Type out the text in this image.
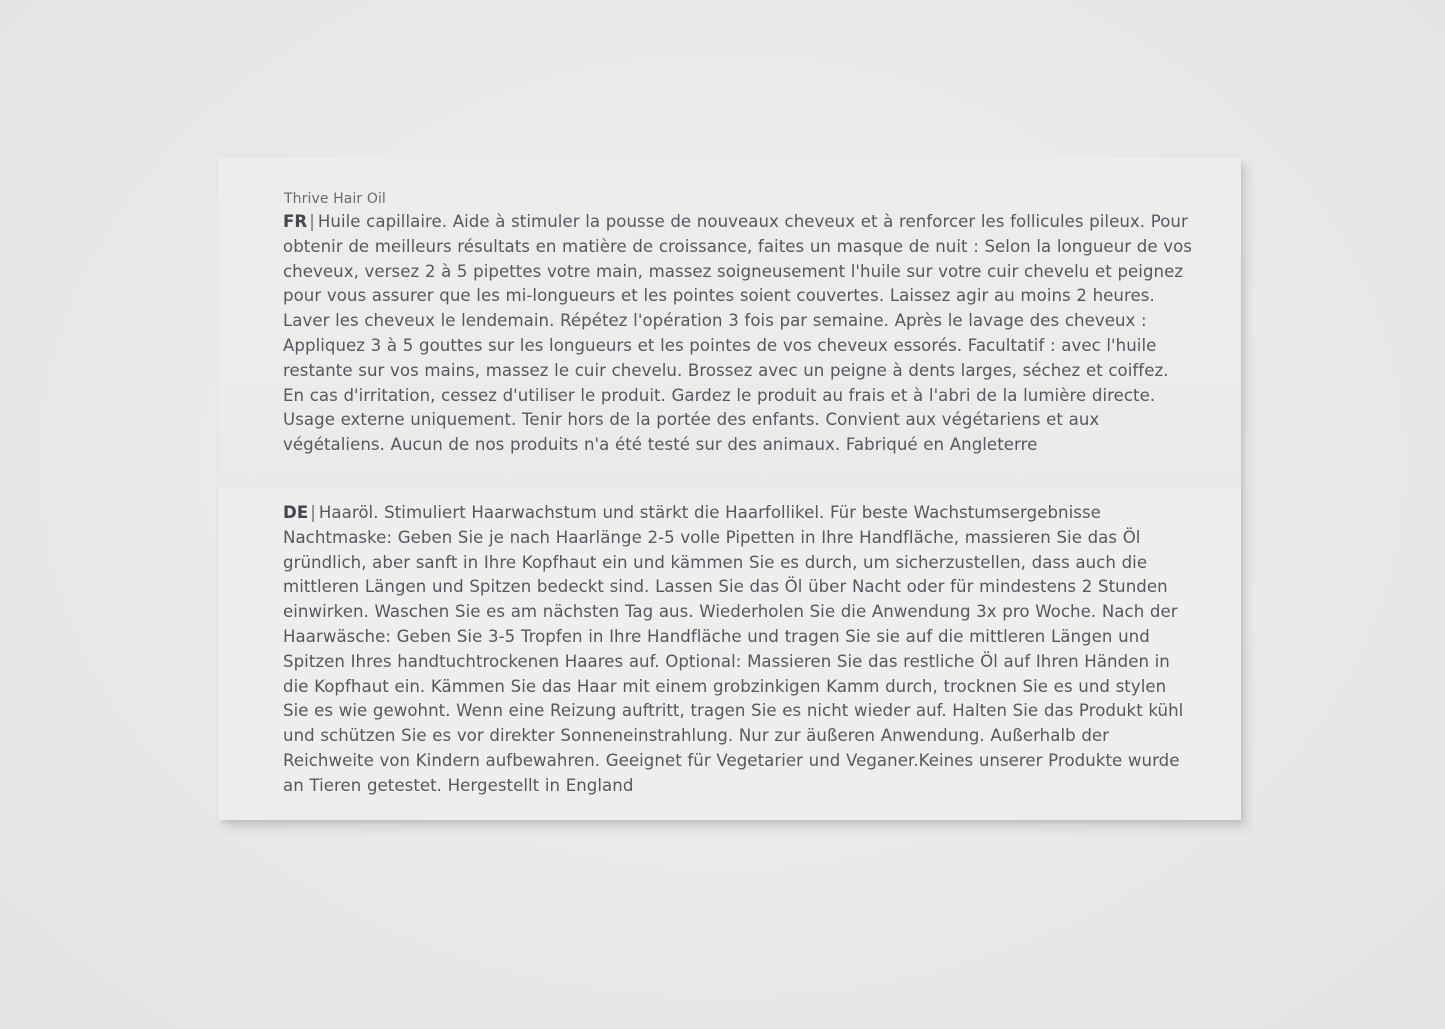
Thrive Hair Oil
FR | Huile capillaire. Aide à stimuler la pousse de nouveaux cheveux et à renforcer les follicules pileux. Pour obtenir de meilleurs résultats en matière de croissance, faites un masque de nuit : Selon la longueur de vos cheveux, versez 2 à 5 pipettes votre main, massez soigneusement l'huile sur votre cuir chevelu et peignez pour vous assurer que les mi-longueurs et les pointes soient couvertes. Laissez agir au moins 2 heures. Laver les cheveux le lendemain. Répétez l'opération 3 fois par semaine. Après le lavage des cheveux : Appliquez 3 à 5 gouttes sur les longueurs et les pointes de vos cheveux essorés. Facultatif : avec l'huile restante sur vos mains, massez le cuir chevelu. Brossez avec un peigne à dents larges, séchez et coiffez. En cas d'irritation, cessez d'utiliser le produit. Gardez le produit au frais et à l'abri de la lumière directe. Usage externe uniquement. Tenir hors de la portée des enfants. Convient aux végétariens et aux végétaliens. Aucun de nos produits n'a été testé sur des animaux. Fabriqué en Angleterre
DE | Haaröl. Stimuliert Haarwachstum und stärkt die Haarfollikel. Für beste Wachstumsergebnisse Nachtmaske: Geben Sie je nach Haarlänge 2-5 volle Pipetten in Ihre Handfläche, massieren Sie das Öl gründlich, aber sanft in Ihre Kopfhaut ein und kämmen Sie es durch, um sicherzustellen, dass auch die mittleren Längen und Spitzen bedeckt sind. Lassen Sie das Öl über Nacht oder für mindestens 2 Stunden einwirken. Waschen Sie es am nächsten Tag aus. Wiederholen Sie die Anwendung 3x pro Woche. Nach der Haarwäsche: Geben Sie 3-5 Tropfen in Ihre Handfläche und tragen Sie sie auf die mittleren Längen und Spitzen Ihres handtuchtrockenen Haares auf. Optional: Massieren Sie das restliche Öl auf Ihren Händen in die Kopfhaut ein. Kämmen Sie das Haar mit einem grobzinkigen Kamm durch, trocknen Sie es und stylen Sie es wie gewohnt. Wenn eine Reizung auftritt, tragen Sie es nicht wieder auf. Halten Sie das Produkt kühl und schützen Sie es vor direkter Sonneneinstrahlung. Nur zur äußeren Anwendung. Außerhalb der Reichweite von Kindern aufbewahren. Geeignet für Vegetarier und Veganer.Keines unserer Produkte wurde an Tieren getestet. Hergestellt in England
